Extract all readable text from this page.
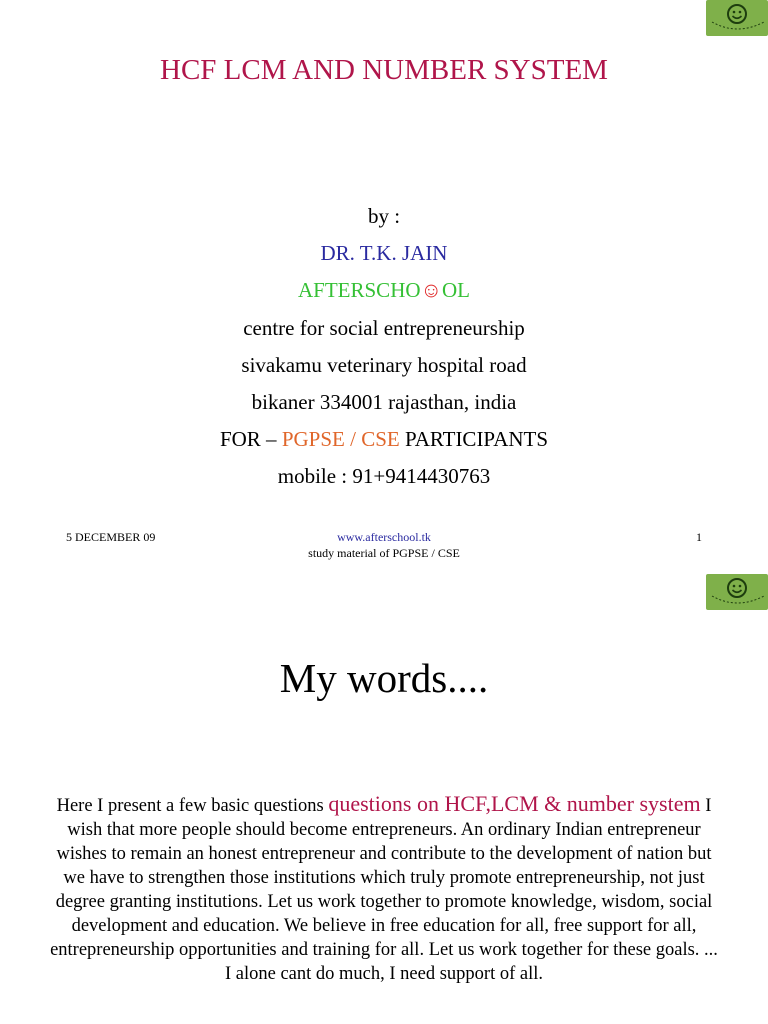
HCF LCM AND NUMBER SYSTEM
by :
DR. T.K. JAIN
AFTERSCHO☺OL
centre for social entrepreneurship
sivakamu veterinary hospital road
bikaner 334001 rajasthan, india
FOR – PGPSE / CSE PARTICIPANTS
mobile : 91+9414430763
5 DECEMBER 09	www.afterschool.tk
study material of PGPSE / CSE
1
My words....
Here I present a few basic questions questions on HCF,LCM & number system I wish that more people should become entrepreneurs. An ordinary Indian entrepreneur wishes to remain an honest entrepreneur and contribute to the development of nation but we have to strengthen those institutions which truly promote entrepreneurship, not just degree granting institutions. Let us work together to promote knowledge, wisdom, social development and education. We believe in free education for all, free support for all, entrepreneurship opportunities and training for all. Let us work together for these goals. ... I alone cant do much, I need support of all.
